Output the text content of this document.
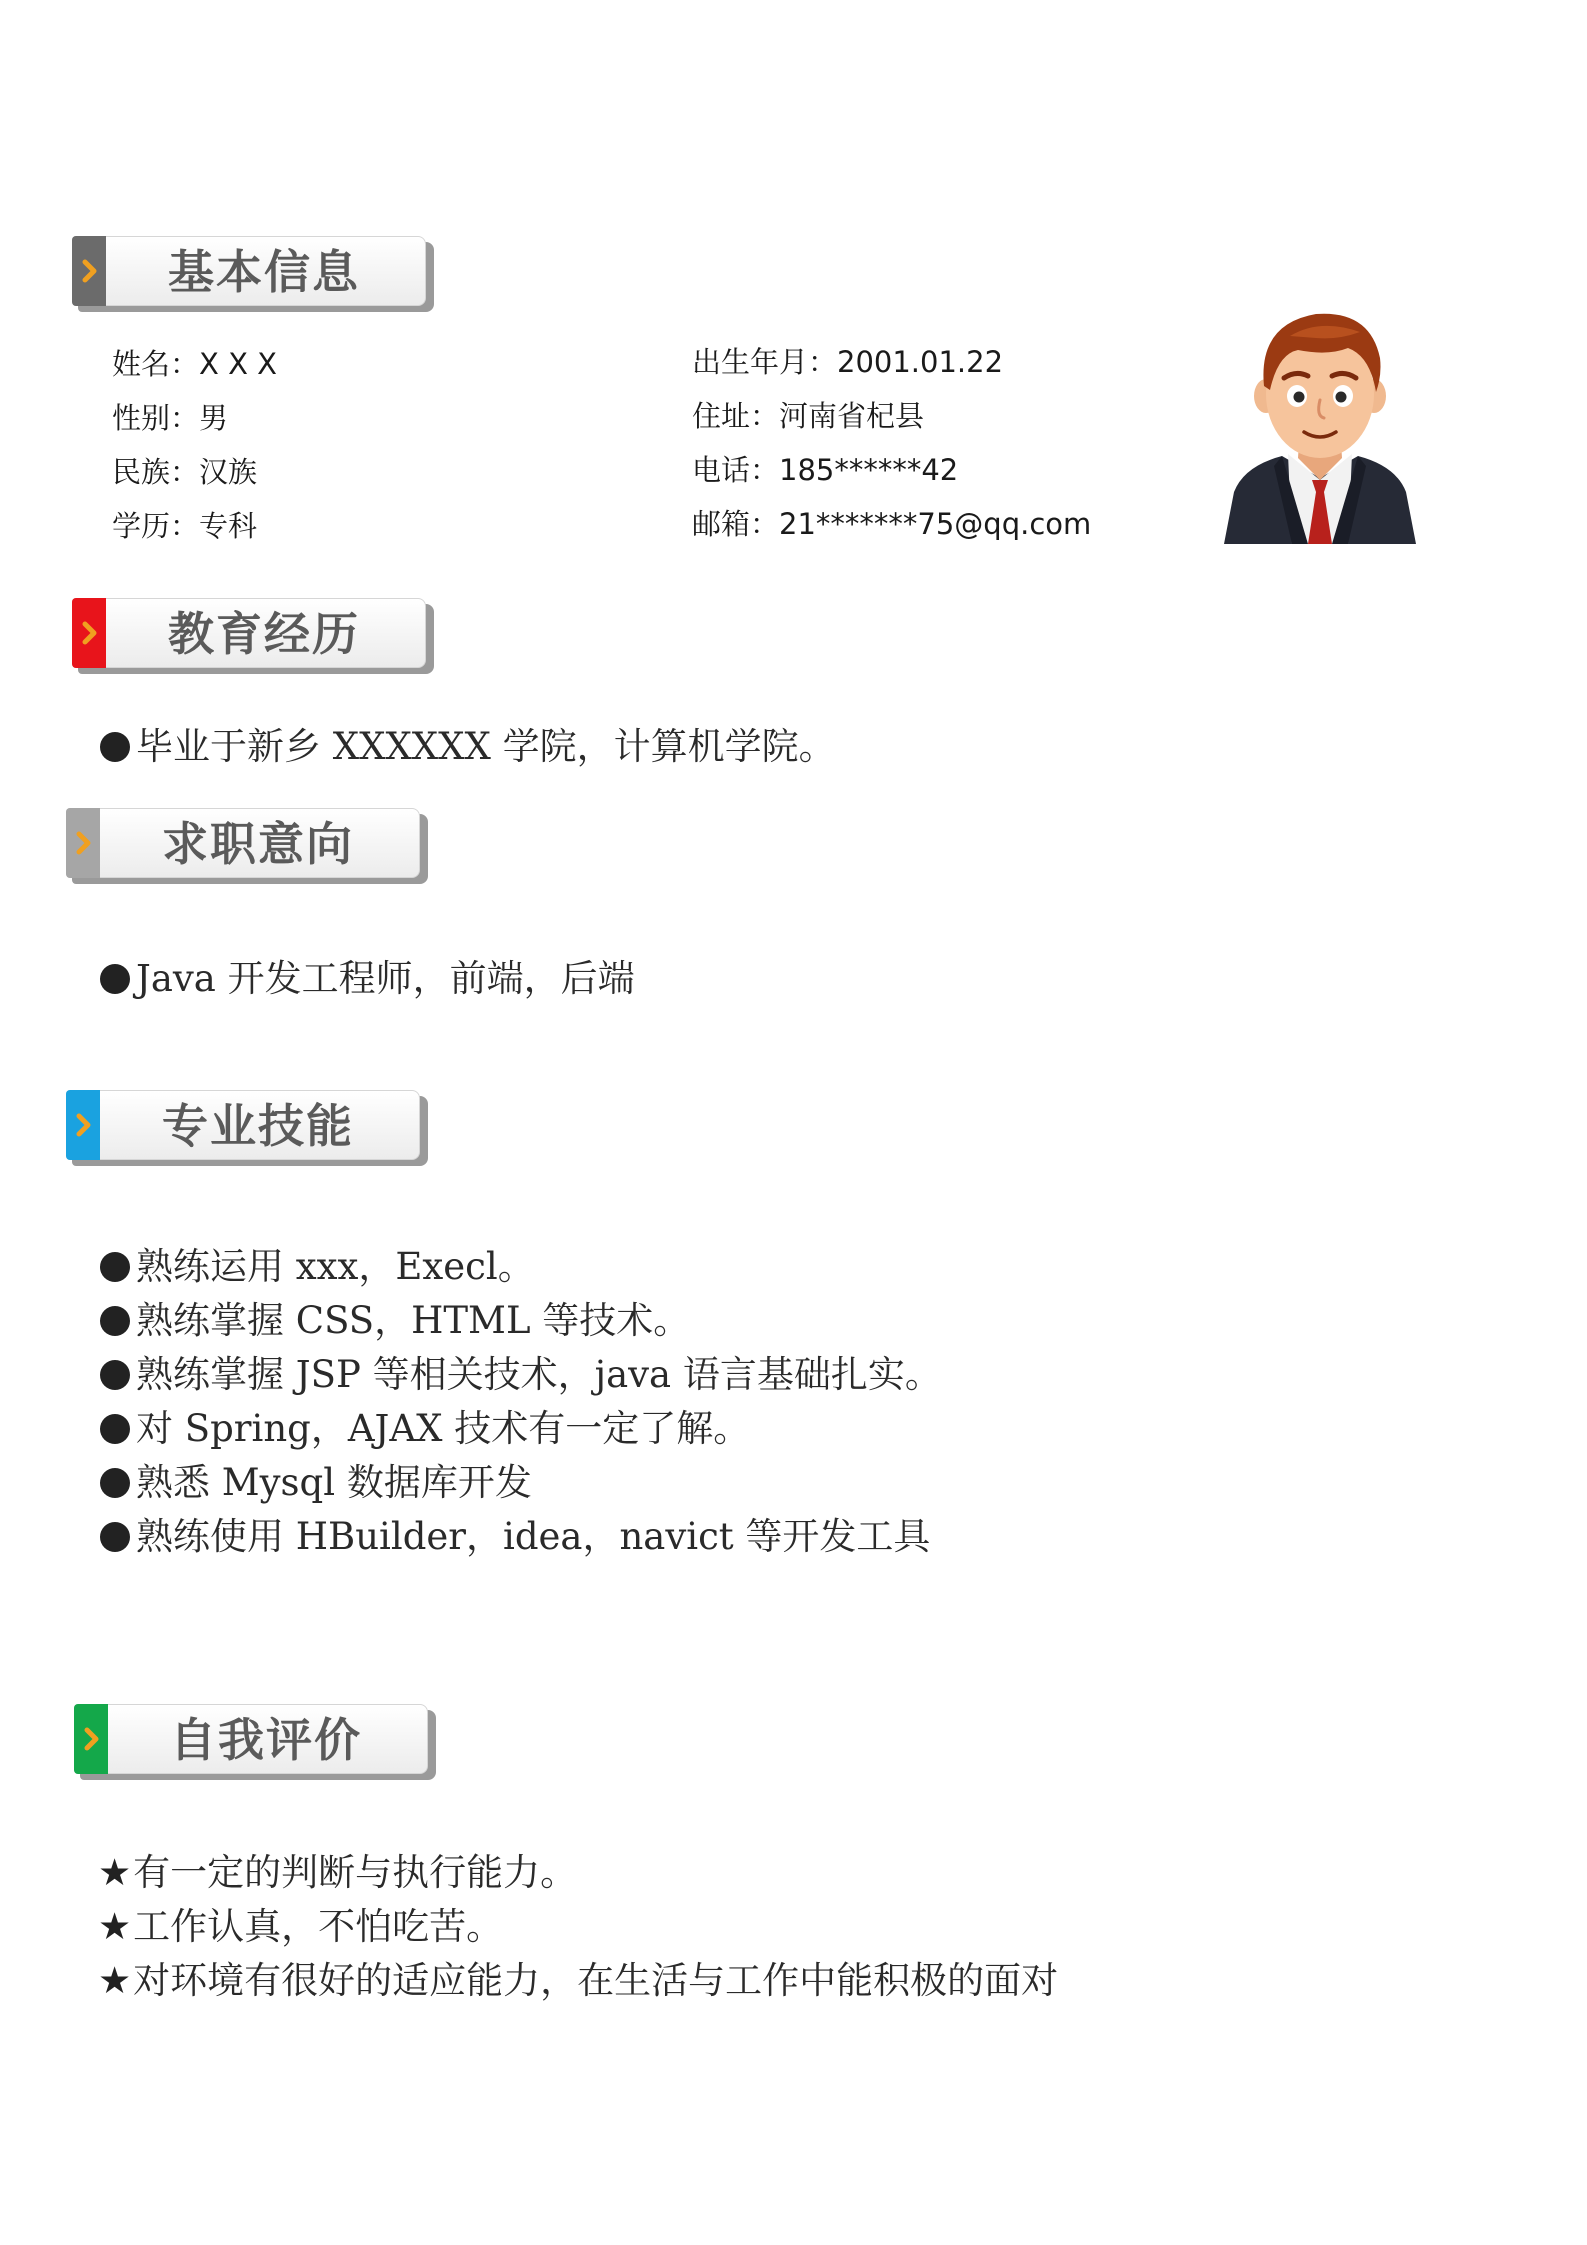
基本信息
姓名：X X X
性别：男
民族：汉族
学历：专科
出生年月：2001.01.22
住址：河南省杞县
电话：185******42
邮箱：21*******75@qq.com
教育经历
毕业于新乡 XXXXXX 学院，计算机学院。
求职意向
Java 开发工程师，前端，后端
专业技能
熟练运用 xxx，Execl。
熟练掌握 CSS，HTML 等技术。
熟练掌握 JSP 等相关技术，java 语言基础扎实。
对 Spring，AJAX 技术有一定了解。
熟悉 Mysql 数据库开发
熟练使用 HBuilder，idea，navict 等开发工具
自我评价
★有一定的判断与执行能力。
★工作认真，不怕吃苦。
★对环境有很好的适应能力，在生活与工作中能积极的面对
